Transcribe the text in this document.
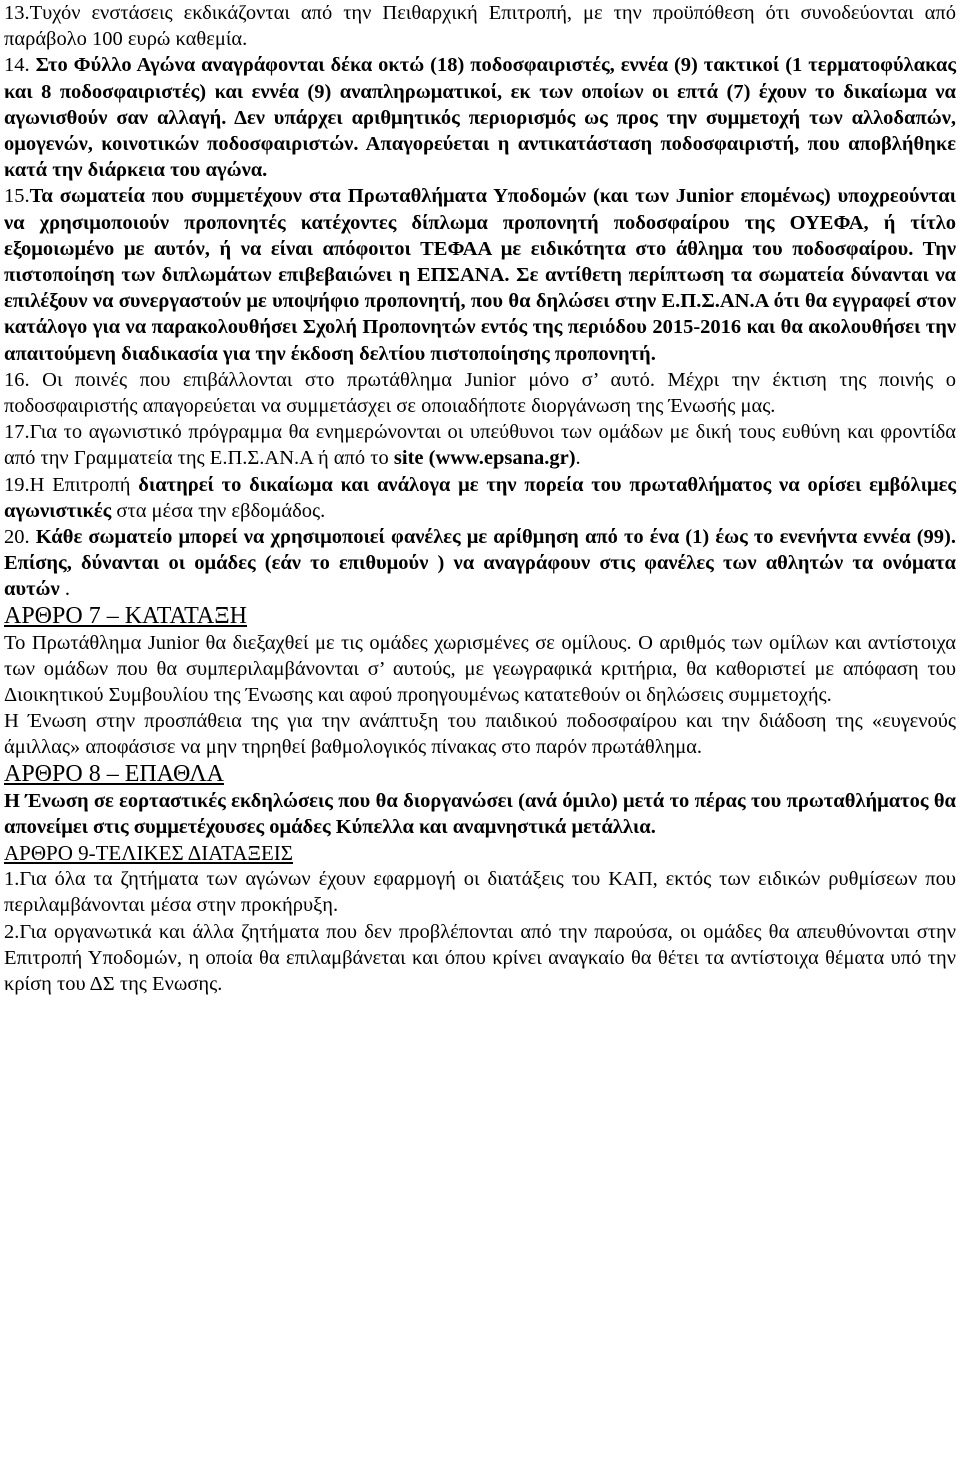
13.Τυχόν ενστάσεις εκδικάζονται από την Πειθαρχική Επιτροπή, με την προϋπόθεση ότι συνοδεύονται από παράβολο 100 ευρώ καθεμία.

14. Στο Φύλλο Αγώνα αναγράφονται δέκα οκτώ (18) ποδοσφαιριστές, εννέα (9) τακτικοί (1 τερματοφύλακας και 8 ποδοσφαιριστές) και εννέα (9) αναπληρωματικοί, εκ των οποίων οι επτά (7) έχουν το δικαίωμα να αγωνισθούν σαν αλλαγή. Δεν υπάρχει αριθμητικός περιορισμός ως προς την συμμετοχή των αλλοδαπών, ομογενών, κοινοτικών ποδοσφαιριστών. Απαγορεύεται η αντικατάσταση ποδοσφαιριστή, που αποβλήθηκε κατά την διάρκεια του αγώνα.

15.Τα σωματεία που συμμετέχουν στα Πρωταθλήματα Υποδομών (και των Junior επομένως) υποχρεούνται να χρησιμοποιούν προπονητές κατέχοντες δίπλωμα προπονητή ποδοσφαίρου της ΟΥΕΦΑ, ή τίτλο εξομοιωμένο με αυτόν, ή να είναι απόφοιτοι ΤΕΦΑΑ με ειδικότητα στο άθλημα του ποδοσφαίρου. Την πιστοποίηση των διπλωμάτων επιβεβαιώνει η ΕΠΣΑΝΑ. Σε αντίθετη περίπτωση τα σωματεία δύνανται να επιλέξουν να συνεργαστούν με υποψήφιο προπονητή, που θα δηλώσει στην Ε.Π.Σ.ΑΝ.Α ότι θα εγγραφεί στον κατάλογο για να παρακολουθήσει Σχολή Προπονητών εντός της περιόδου 2015-2016 και θα ακολουθήσει την απαιτούμενη διαδικασία για την έκδοση δελτίου πιστοποίησης προπονητή.

16. Οι ποινές που επιβάλλονται στο πρωτάθλημα Junior μόνο σ’ αυτό. Μέχρι την έκτιση της ποινής ο ποδοσφαιριστής απαγορεύεται να συμμετάσχει σε οποιαδήποτε διοργάνωση της Ένωσής μας.

17.Για το αγωνιστικό πρόγραμμα θα ενημερώνονται οι υπεύθυνοι των ομάδων με δική τους ευθύνη και φροντίδα από την Γραμματεία της Ε.Π.Σ.ΑΝ.Α ή από το site (www.epsana.gr).

19.Η Επιτροπή διατηρεί το δικαίωμα και ανάλογα με την πορεία του πρωταθλήματος να ορίσει εμβόλιμες αγωνιστικές στα μέσα την εβδομάδος.

20. Κάθε σωματείο μπορεί να χρησιμοποιεί φανέλες με αρίθμηση από το ένα (1) έως το ενενήντα εννέα (99). Επίσης, δύνανται οι ομάδες (εάν το επιθυμούν ) να αναγράφουν στις φανέλες των αθλητών τα ονόματα αυτών .

ΑΡΘΡΟ 7 – ΚΑΤΑΤΑΞΗ

Το Πρωτάθλημα Junior θα διεξαχθεί με τις ομάδες χωρισμένες σε ομίλους. Ο αριθμός των ομίλων και αντίστοιχα των ομάδων που θα συμπεριλαμβάνονται σ’ αυτούς, με γεωγραφικά κριτήρια, θα καθοριστεί με απόφαση του Διοικητικού Συμβουλίου της Ένωσης και αφού προηγουμένως κατατεθούν οι δηλώσεις συμμετοχής.

Η Ένωση στην προσπάθεια της για την ανάπτυξη του παιδικού ποδοσφαίρου και την διάδοση της «ευγενούς άμιλλας» αποφάσισε να μην τηρηθεί βαθμολογικός πίνακας στο παρόν πρωτάθλημα.

ΑΡΘΡΟ 8 – ΕΠΑΘΛΑ

Η Ένωση σε εορταστικές εκδηλώσεις που θα διοργανώσει (ανά όμιλο) μετά το πέρας του πρωταθλήματος θα απονείμει στις συμμετέχουσες ομάδες Κύπελλα και αναμνηστικά μετάλλια.

ΑΡΘΡΟ 9-ΤΕΛΙΚΕΣ ΔΙΑΤΑΞΕΙΣ

1.Για όλα τα ζητήματα των αγώνων έχουν εφαρμογή οι διατάξεις του ΚΑΠ, εκτός των ειδικών ρυθμίσεων που περιλαμβάνονται μέσα στην προκήρυξη.

2.Για οργανωτικά και άλλα ζητήματα που δεν προβλέπονται από την παρούσα, οι ομάδες θα απευθύνονται στην Επιτροπή Υποδομών, η οποία θα επιλαμβάνεται και όπου κρίνει αναγκαίο θα θέτει τα αντίστοιχα θέματα υπό την κρίση του ΔΣ της Ενωσης.
